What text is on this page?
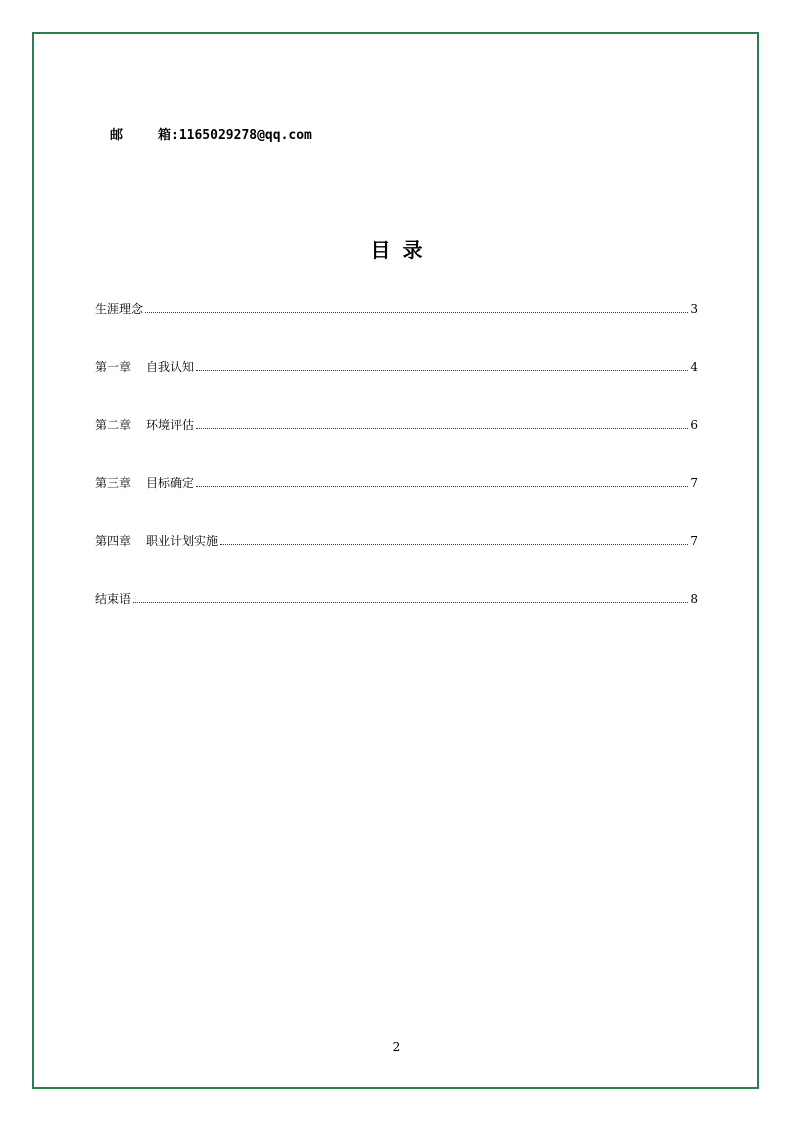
邮	箱:1165029278@qq.com
目 录
生涯理念	3
第一章 自我认知	4
第二章 环境评估	6
第三章 目标确定	7
第四章 职业计划实施	7
结束语	8
2
